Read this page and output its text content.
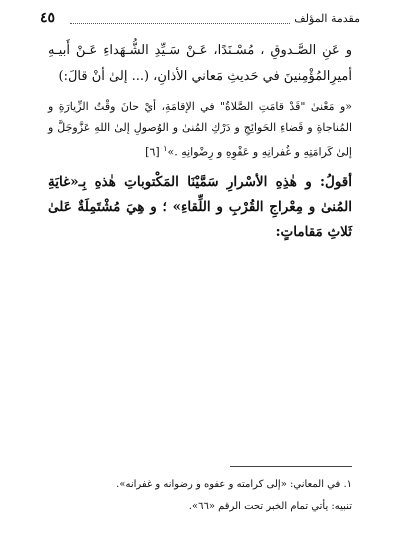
مقدمة المؤلف
٤٥

و عَنِ الصَّـدوقِ ، مُسْـنَدًا، عَـنْ سَـيِّدِ الشُّـهَداءِ عَـنْ أَبيـهِ أميرِالمُؤْمِنينَ في حَديثِ مَعاني الأذانِ، (... إلىٰ أنْ قالَ:)

«و مَعْنىٰ "قَدْ قامَتِ الصَّلاةُ" في الإقامَةِ، أيْ حانَ وقْتُ الزِّيارَةِ و المُناجاةِ و قَضاءِ الحَوائِجِ و دَرْكِ المُنىٰ و الوُصولِ إلىٰ اللهِ عَزَّوجَلَّ و إلىٰ كَرامَتِهِ و غُفرانِهِ و عَفْوِهِ و رِضْوانِهِ .»$^١$ [٦]

أقولُ: و هٰذِهِ الأسْرارِ سَمَّيْنَا المَكْتوباتِ هٰذهِ بِـ«غايَةِ المُنىٰ و مِعْراجِ القُرْبِ و اللِّقاءِ» ؛ و هِيَ مُشْتَمِلَةٌ عَلىٰ ثَلاثِ مَقاماتٍ:

١. في المعاني: «إلى كرامته و عفوه و رضوانه و غفرانه».
تنبيه: يأتي تمام الخبر تحت الرقم «٦٦».
